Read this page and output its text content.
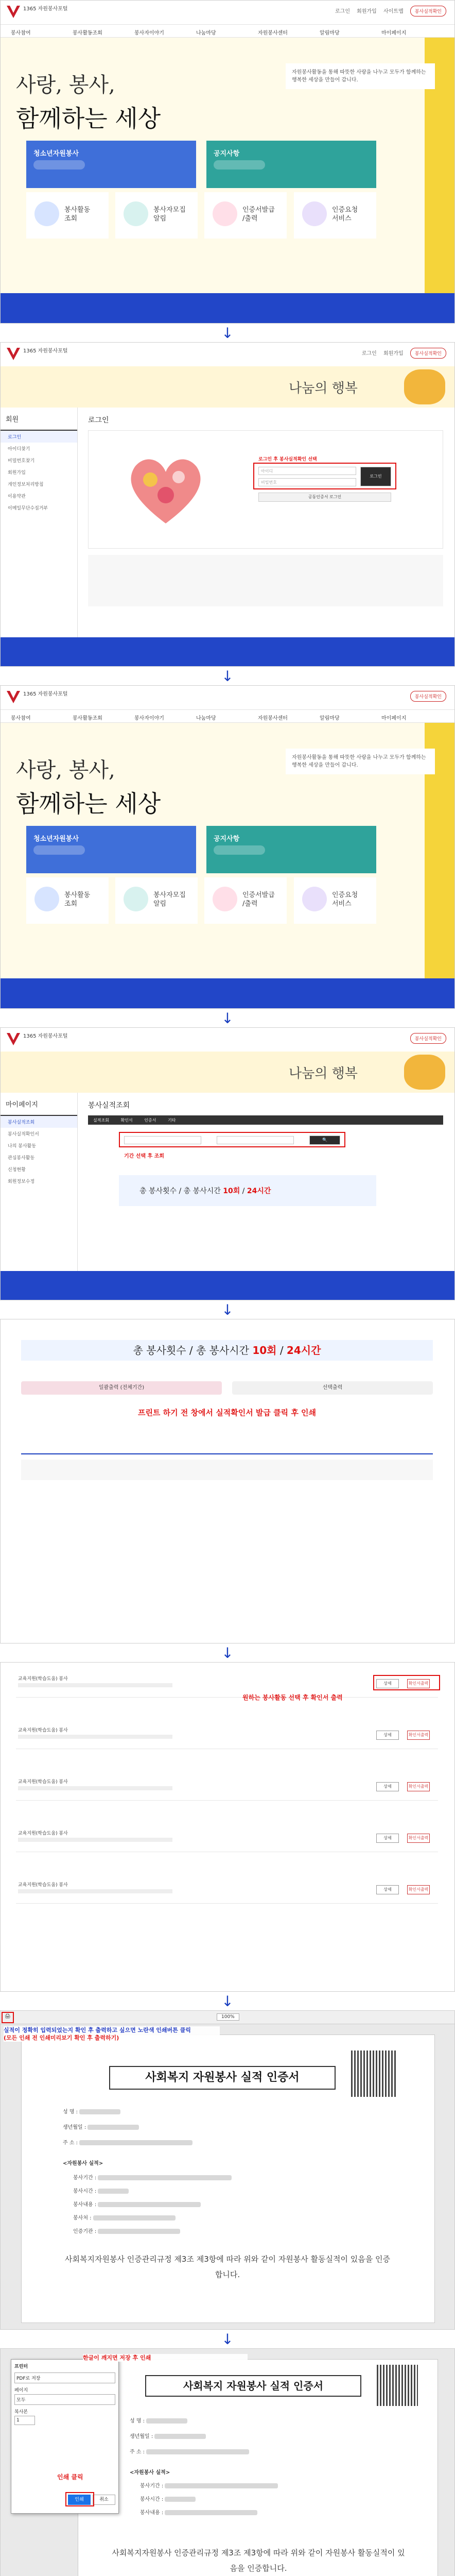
1365 자원봉사포털	로그인 회원가입 사이트맵 봉사실적확인
봉사참여	봉사활동조회	봉사자이야기	나눔마당	자원봉사센터	알림마당	마이페이지
사랑, 봉사,
함께하는 세상
자원봉사활동을 통해 따뜻한 사랑을 나누고 모두가 함께하는 행복한 세상을 만들어 갑니다.
청소년자원봉사	공지사항
봉사활동
조회
봉사자모집
알림
인증서발급
/출력
인증요청
서비스
↓
1365 자원봉사포털	로그인 회원가입 봉사실적확인
나눔의 행복
회원
로그인
아이디찾기
비밀번호찾기
회원가입
개인정보처리방침
이용약관
이메일무단수집거부
로그인
아이디
비밀번호
로그인
공동인증서 로그인
로그인 후 봉사실적확인 선택
↓
1365 자원봉사포털	봉사실적확인
봉사참여	봉사활동조회	봉사자이야기	나눔마당	자원봉사센터	알림마당	마이페이지
사랑, 봉사,
함께하는 세상
자원봉사활동을 통해 따뜻한 사랑을 나누고 모두가 함께하는 행복한 세상을 만들어 갑니다.
청소년자원봉사	공지사항
봉사활동
조회
봉사자모집
알림
인증서발급
/출력
인증요청
서비스
↓
1365 자원봉사포털	봉사실적확인
나눔의 행복
마이페이지
봉사실적조회
봉사실적확인서
나의 봉사활동
관심봉사활동
신청현황
회원정보수정
봉사실적조회
실적조회	확인서	인증서	기타
🔍
기간 선택 후 조회
총 봉사횟수 / 총 봉사시간 10회 / 24시간
↓
총 봉사횟수 / 총 봉사시간 10회 / 24시간
일괄출력 (전체기간)	선택출력
프린트 하기 전 창에서 실적확인서 발급 클릭 후 인쇄
↓
교육지원(학습도움) 봉사
상세	확인서출력
교육지원(학습도움) 봉사
상세	확인서출력
교육지원(학습도움) 봉사
상세	확인서출력
교육지원(학습도움) 봉사
상세	확인서출력
교육지원(학습도움) 봉사
상세	확인서출력
원하는 봉사활동 선택 후 확인서 출력
↓
🖨	100%
사회복지 자원봉사 실적 인증서
성 명 :
생년월일 :
주 소 :
<자원봉사 실적>
봉사기간 :
봉사시간 :
봉사내용 :
봉사처 :
인증기관 :
사회복지자원봉사 인증관리규정 제3조 제3항에 따라 위와 같이 자원봉사 활동실적이 있음을 인증합니다.
실적이 정확히 입력되었는지 확인 후 출력하고 싶으면 노란색 인쇄버튼 클릭
(모든 인쇄 전 인쇄미리보기 확인 후 출력하기)
↓
사회복지 자원봉사 실적 인증서
성 명 :
생년월일 :
주 소 :
<자원봉사 실적>
봉사기간 :
봉사시간 :
봉사내용 :
사회복지자원봉사 인증관리규정 제3조 제3항에 따라 위와 같이 자원봉사 활동실적이 있음을 인증합니다.
프린터
PDF로 저장
페이지
모두
복사본
1
인쇄	취소
한글이 깨지면 저장 후 인쇄
인쇄 클릭
